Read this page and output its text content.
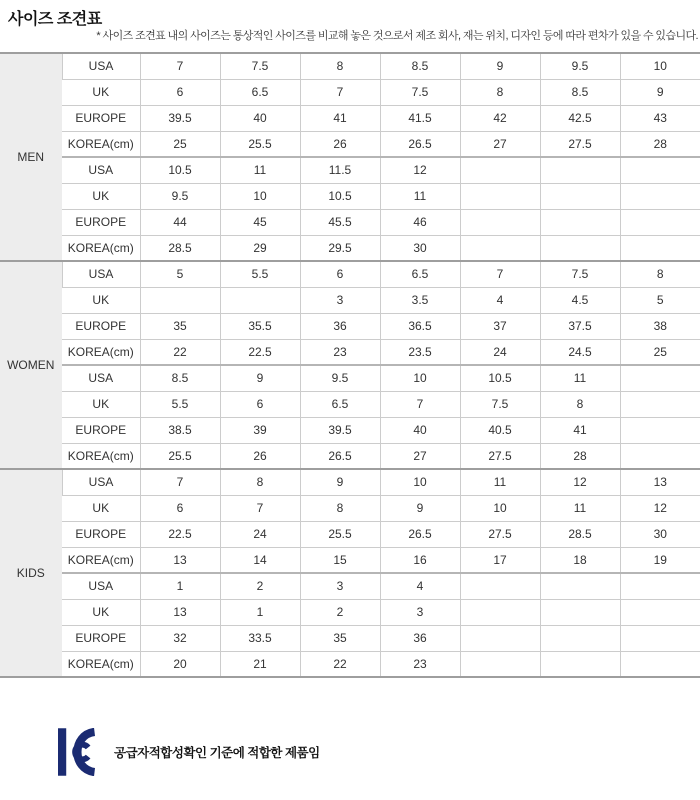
사이즈 조견표
* 사이즈 조견표 내의 사이즈는 통상적인 사이즈를 비교해 놓은 것으로서 제조 회사, 재는 위치, 디자인 등에 따라 편차가 있을 수 있습니다.
MEN	USA	7	7.5	8	8.5	9	9.5	10
	UK	6	6.5	7	7.5	8	8.5	9
	EUROPE	39.5	40	41	41.5	42	42.5	43
	KOREA(cm)	25	25.5	26	26.5	27	27.5	28
	USA	10.5	11	11.5	12			
	UK	9.5	10	10.5	11			
	EUROPE	44	45	45.5	46			
	KOREA(cm)	28.5	29	29.5	30			
WOMEN	USA	5	5.5	6	6.5	7	7.5	8
	UK			3	3.5	4	4.5	5
	EUROPE	35	35.5	36	36.5	37	37.5	38
	KOREA(cm)	22	22.5	23	23.5	24	24.5	25
	USA	8.5	9	9.5	10	10.5	11	
	UK	5.5	6	6.5	7	7.5	8	
	EUROPE	38.5	39	39.5	40	40.5	41	
	KOREA(cm)	25.5	26	26.5	27	27.5	28	
KIDS	USA	7	8	9	10	11	12	13
	UK	6	7	8	9	10	11	12
	EUROPE	22.5	24	25.5	26.5	27.5	28.5	30
	KOREA(cm)	13	14	15	16	17	18	19
	USA	1	2	3	4			
	UK	13	1	2	3			
	EUROPE	32	33.5	35	36			
	KOREA(cm)	20	21	22	23			
공급자적합성확인 기준에 적합한 제품임
